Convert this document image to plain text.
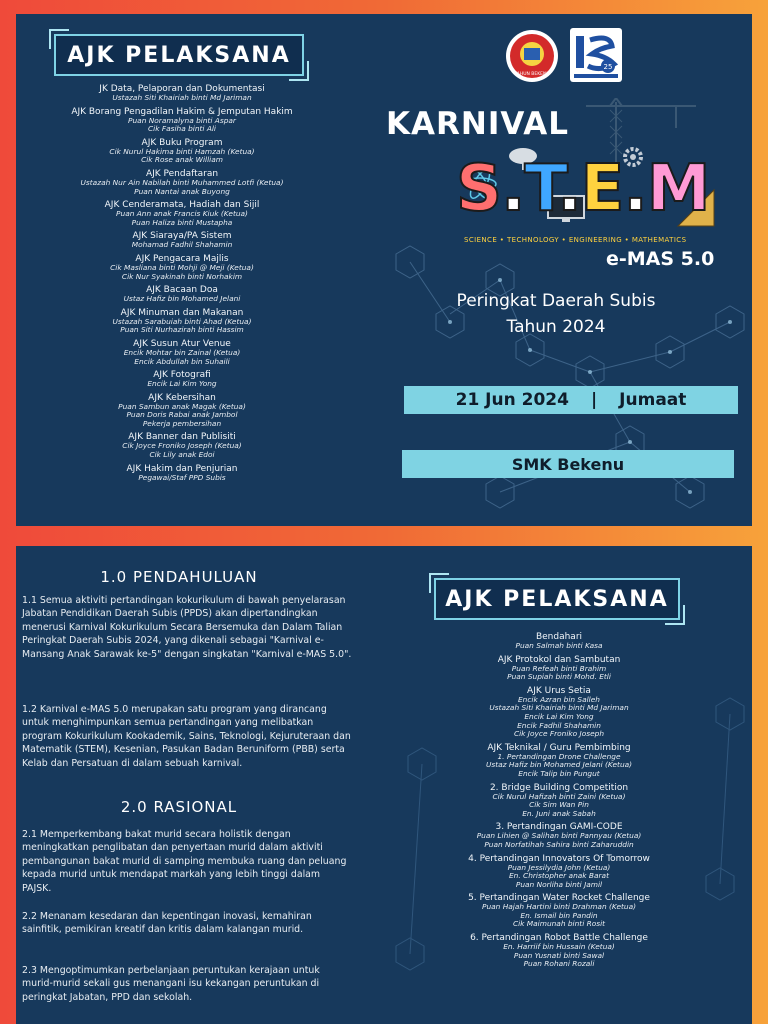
AJK PELAKSANA
JK Data, Pelaporan dan Dokumentasi
Ustazah Siti Khairiah binti Md Jariman
AJK Borang Pengadilan Hakim & Jemputan Hakim
Puan Noramalyna binti Aspar
Cik Fasiha binti Ali
AJK Buku Program
Cik Nurul Hakima binti Hamzah (Ketua)
Cik Rose anak William
AJK Pendaftaran
Ustazah Nur Ain Nabilah binti Muhammed Lotfi (Ketua)
Puan Nantai anak Buyong
AJK Cenderamata, Hadiah dan Sijil
Puan Ann anak Francis Kiuk (Ketua)
Puan Haliza binti Mustapha
AJK Siaraya/PA Sistem
Mohamad Fadhil Shahamin
AJK Pengacara Majlis
Cik Masliana binti Mohji @ Meji (Ketua)
Cik Nur Syakinah binti Norhakim
AJK Bacaan Doa
Ustaz Hafiz bin Mohamed Jelani
AJK Minuman dan Makanan
Ustazah Sarabuiah binti Ahad (Ketua)
Puan Siti Nurhazirah binti Hassim
AJK Susun Atur Venue
Encik Mohtar bin Zainal (Ketua)
Encik Abdullah bin Suhaili
AJK Fotografi
Encik Lai Kim Yong
AJK Kebersihan
Puan Sambun anak Magak (Ketua)
Puan Doris Rabai anak Jambol
Pekerja pembersihan
AJK Banner dan Publisiti
Cik Joyce Froniko Joseph (Ketua)
Cik Lily anak Edoi
AJK Hakim dan Penjurian
Pegawai/Staf PPD Subis
TAHUN BEKENU
25
KARNIVAL
S.T.E.M
SCIENCE • TECHNOLOGY • ENGINEERING • MATHEMATICS
e-MAS 5.0
Peringkat Daerah Subis
Tahun 2024
21 Jun 2024 | Jumaat
SMK Bekenu
1.0 PENDAHULUAN
1.1 Semua aktiviti pertandingan kokurikulum di bawah penyelarasan Jabatan Pendidikan Daerah Subis (PPDS) akan dipertandingkan menerusi Karnival Kokurikulum Secara Bersemuka dan Dalam Talian Peringkat Daerah Subis 2024, yang dikenali sebagai "Karnival e-Mansang Anak Sarawak ke-5" dengan singkatan "Karnival e-MAS 5.0".
1.2 Karnival e-MAS 5.0 merupakan satu program yang dirancang untuk menghimpunkan semua pertandingan yang melibatkan program Kokurikulum Kookademik, Sains, Teknologi, Kejuruteraan dan Matematik (STEM), Kesenian, Pasukan Badan Beruniform (PBB) serta Kelab dan Persatuan di dalam sebuah karnival.
2.0 RASIONAL
2.1 Memperkembang bakat murid secara holistik dengan meningkatkan penglibatan dan penyertaan murid dalam aktiviti pembangunan bakat murid di samping membuka ruang dan peluang kepada murid untuk mendapat markah yang lebih tinggi dalam PAJSK.
2.2 Menanam kesedaran dan kepentingan inovasi, kemahiran sainfitik, pemikiran kreatif dan kritis dalam kalangan murid.
2.3 Mengoptimumkan perbelanjaan peruntukan kerajaan untuk murid-murid sekali gus menangani isu kekangan peruntukan di peringkat Jabatan, PPD dan sekolah.
AJK PELAKSANA
Bendahari
Puan Salmah binti Kasa
AJK Protokol dan Sambutan
Puan Refeah binti Brahim
Puan Supiah binti Mohd. Etli
AJK Urus Setia
Encik Azran bin Salleh
Ustazah Siti Khairiah binti Md Jariman
Encik Lai Kim Yong
Encik Fadhil Shahamin
Cik Joyce Froniko Joseph
AJK Teknikal / Guru Pembimbing
1. Pertandingan Drone Challenge
Ustaz Hafiz bin Mohamed Jelani (Ketua)
Encik Talip bin Pungut
2. Bridge Building Competition
Cik Nurul Hafizah binti Zaini (Ketua)
Cik Sim Wan Pin
En. Juni anak Sabah
3. Pertandingan GAMI-CODE
Puan Lihien @ Salihan binti Pannyau (Ketua)
Puan Norfatihah Sahira binti Zaharuddin
4. Pertandingan Innovators Of Tomorrow
Puan Jessilydia John (Ketua)
En. Christopher anak Barat
Puan Norliha binti Jamil
5. Pertandingan Water Rocket Challenge
Puan Hajah Hartini binti Drahman (Ketua)
En. Ismail bin Pandin
Cik Maimunah binti Rosit
6. Pertandingan Robot Battle Challenge
En. Harriif bin Hussain (Ketua)
Puan Yusnati binti Sawal
Puan Rohani Rozali
